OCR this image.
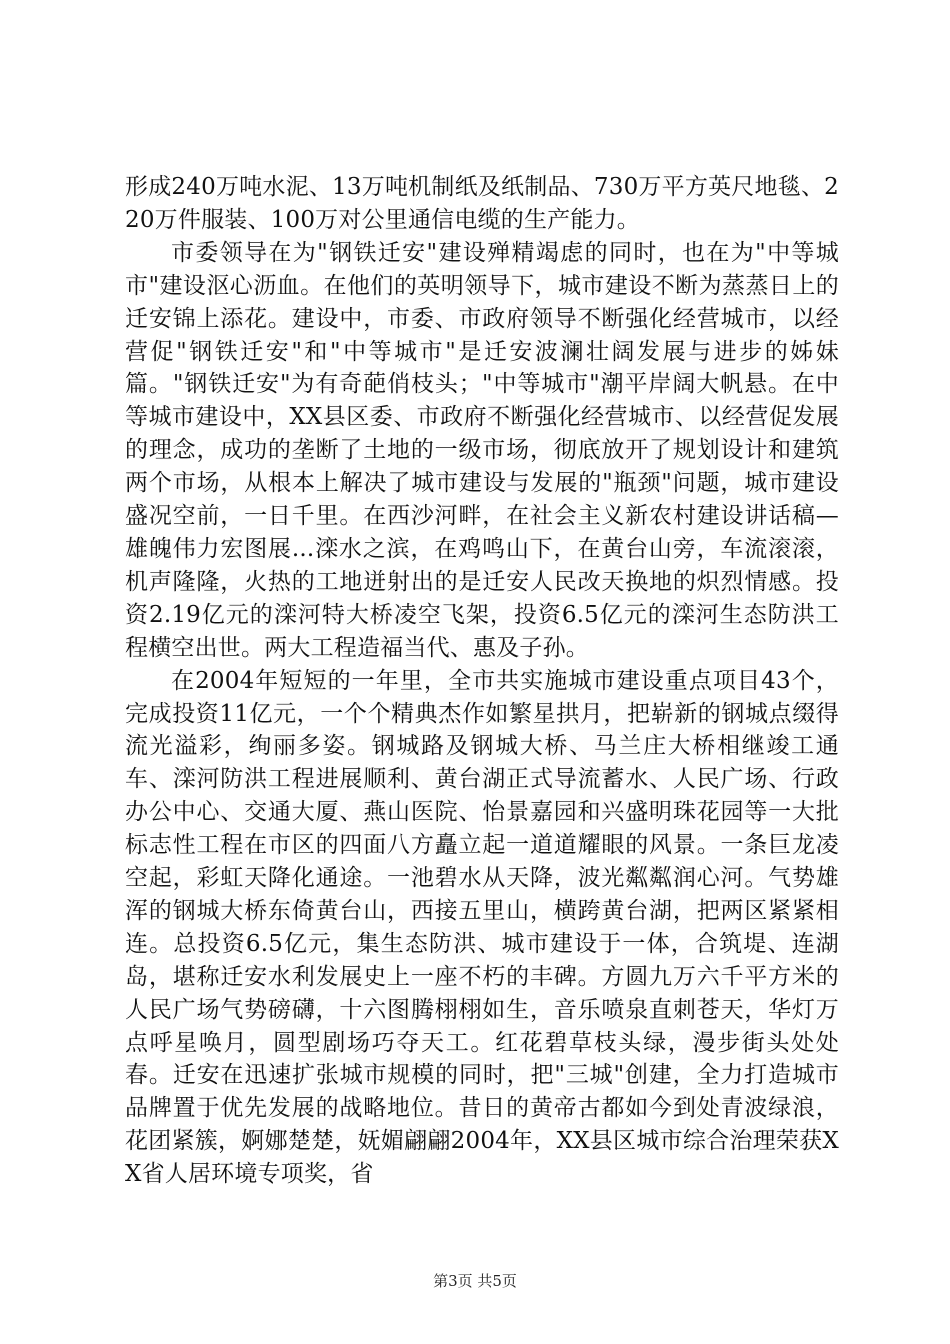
形成240万吨水泥、13万吨机制纸及纸制品、730万平方英尺地毯、220万件服装、100万对公里通信电缆的生产能力。

市委领导在为"钢铁迁安"建设殚精竭虑的同时，也在为"中等城市"建设沤心沥血。在他们的英明领导下，城市建设不断为蒸蒸日上的迁安锦上添花。建设中，市委、市政府领导不断强化经营城市，以经营促"钢铁迁安"和"中等城市"是迁安波澜壮阔发展与进步的姊妹篇。"钢铁迁安"为有奇葩俏枝头；"中等城市"潮平岸阔大帆悬。在中等城市建设中，XX县区委、市政府不断强化经营城市、以经营促发展的理念，成功的垄断了土地的一级市场，彻底放开了规划设计和建筑两个市场，从根本上解决了城市建设与发展的"瓶颈"问题，城市建设盛况空前，一日千里。在西沙河畔，在社会主义新农村建设讲话稿—雄魄伟力宏图展...滦水之滨，在鸡鸣山下，在黄台山旁，车流滚滚，机声隆隆，火热的工地迸射出的是迁安人民改天换地的炽烈情感。投资2.19亿元的滦河特大桥凌空飞架，投资6.5亿元的滦河生态防洪工程横空出世。两大工程造福当代、惠及子孙。

在2004年短短的一年里，全市共实施城市建设重点项目43个，完成投资11亿元，一个个精典杰作如繁星拱月，把崭新的钢城点缀得流光溢彩，绚丽多姿。钢城路及钢城大桥、马兰庄大桥相继竣工通车、滦河防洪工程进展顺利、黄台湖正式导流蓄水、人民广场、行政办公中心、交通大厦、燕山医院、怡景嘉园和兴盛明珠花园等一大批标志性工程在市区的四面八方矗立起一道道耀眼的风景。一条巨龙凌空起，彩虹天降化通途。一池碧水从天降，波光粼粼润心河。气势雄浑的钢城大桥东倚黄台山，西接五里山，横跨黄台湖，把两区紧紧相连。总投资6.5亿元，集生态防洪、城市建设于一体，合筑堤、连湖岛，堪称迁安水利发展史上一座不朽的丰碑。方圆九万六千平方米的人民广场气势磅礴，十六图腾栩栩如生，音乐喷泉直刺苍天，华灯万点呼星唤月，圆型剧场巧夺天工。红花碧草枝头绿，漫步街头处处春。迁安在迅速扩张城市规模的同时，把"三城"创建，全力打造城市品牌置于优先发展的战略地位。昔日的黄帝古都如今到处青波绿浪，花团紧簇，婀娜楚楚，妩媚翩翩2004年，XX县区城市综合治理荣获XX省人居环境专项奖，省

第3页 共5页
